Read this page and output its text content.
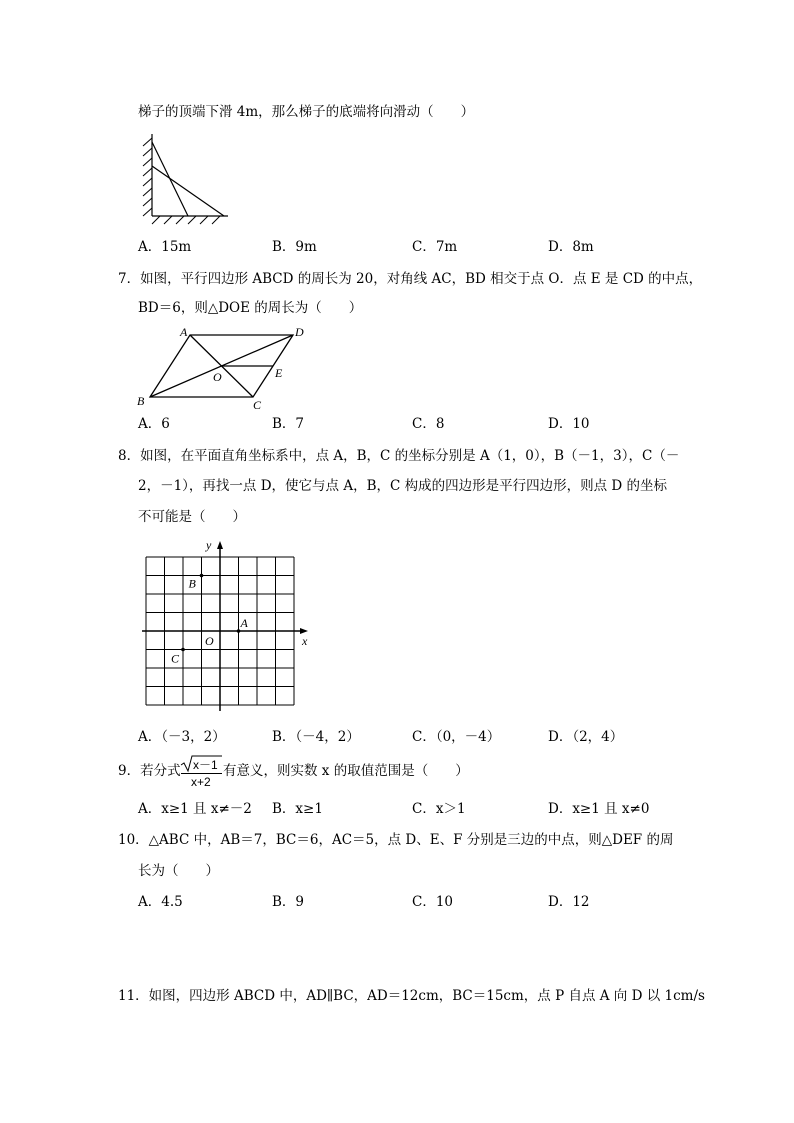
梯子的顶端下滑 4m，那么梯子的底端将向滑动（　　）
A．15m	B．9m	C．7m	D．8m
7．如图，平行四边形 ABCD 的周长为 20，对角线 AC，BD 相交于点 O．点 E 是 CD 的中点，
BD＝6，则△DOE 的周长为（　　）
A	D
B	C
O	E
A．6	B．7	C．8	D．10
8．如图，在平面直角坐标系中，点 A，B，C 的坐标分别是 A（1，0），B（－1，3），C（－
2，－1），再找一点 D，使它与点 A，B，C 构成的四边形是平行四边形，则点 D 的坐标
不可能是（　　）
x
y
O
A
B
C
A．（－3，2）	B．（－4，2）	C．（0，－4）	D．（2，4）
9．若分式 x－1
x+2
有意义，则实数 x 的取值范围是（　　）
A．x≥1 且 x≠－2 B．x≥1	C．x＞1	D．x≥1 且 x≠0
10．△ABC 中，AB＝7，BC＝6，AC＝5，点 D、E、F 分别是三边的中点，则△DEF 的周
长为（　　）
A．4.5	B．9	C．10	D．12
11．如图，四边形 ABCD 中，AD∥BC，AD＝12cm，BC＝15cm，点 P 自点 A 向 D 以 1cm/s
